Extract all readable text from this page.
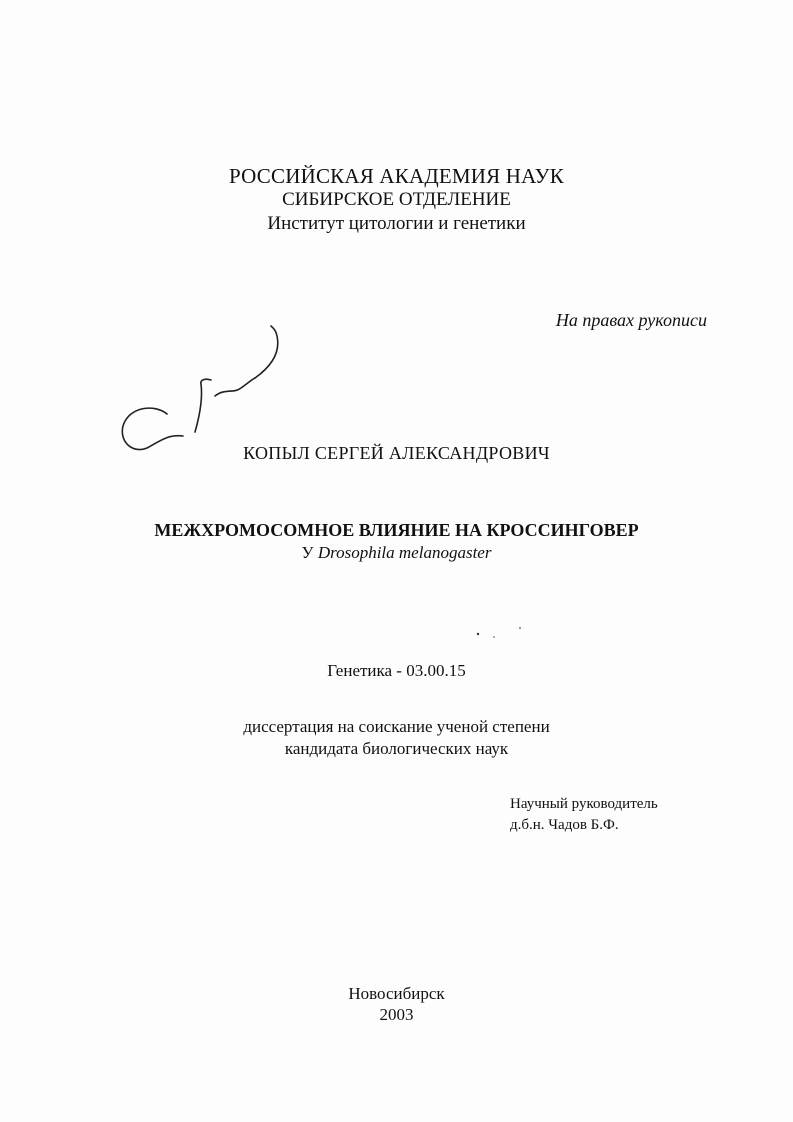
РОССИЙСКАЯ АКАДЕМИЯ НАУК
СИБИРСКОЕ ОТДЕЛЕНИЕ
Институт цитологии и генетики
На правах рукописи
КОПЫЛ СЕРГЕЙ АЛЕКСАНДРОВИЧ
МЕЖХРОМОСОМНОЕ ВЛИЯНИЕ НА КРОССИНГОВЕР
У Drosophila melanogaster
Генетика - 03.00.15
диссертация на соискание ученой степени
кандидата биологических наук
Научный руководитель
д.б.н. Чадов Б.Ф.
Новосибирск
2003
